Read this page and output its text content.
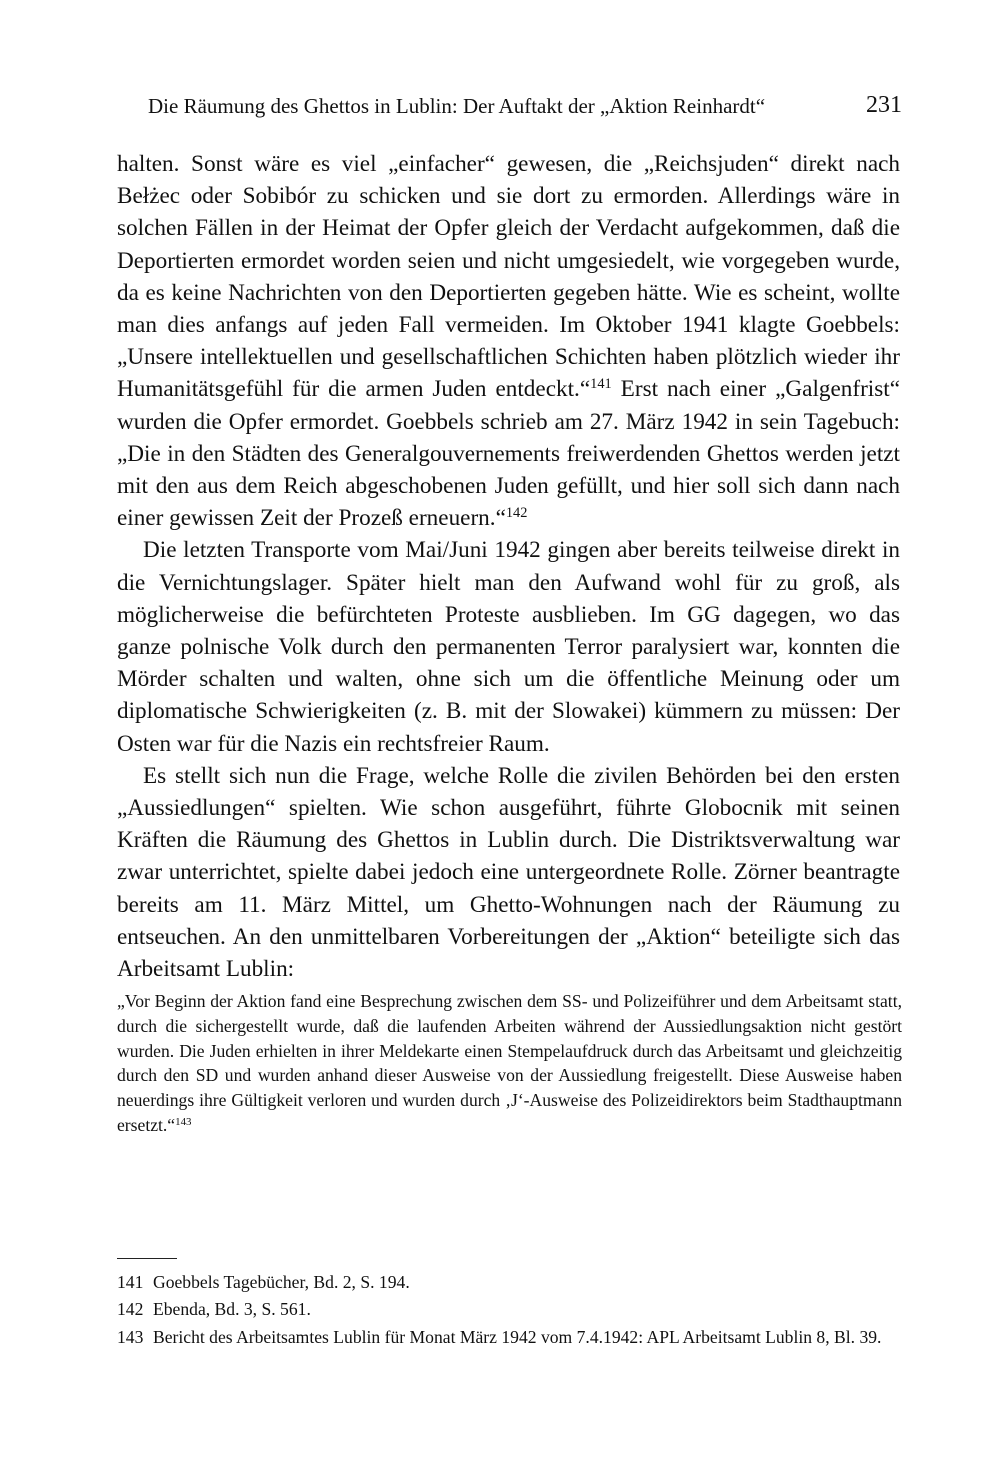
Die Räumung des Ghettos in Lublin: Der Auftakt der „Aktion Reinhardt“	231

halten. Sonst wäre es viel „einfacher“ gewesen, die „Reichsjuden“ direkt nach Bełżec oder Sobibór zu schicken und sie dort zu ermorden. Allerdings wäre in solchen Fällen in der Heimat der Opfer gleich der Verdacht aufgekommen, daß die Deportierten ermordet worden seien und nicht umgesiedelt, wie vorgegeben wurde, da es keine Nachrichten von den Deportierten gegeben hätte. Wie es scheint, wollte man dies anfangs auf jeden Fall vermeiden. Im Oktober 1941 klagte Goebbels: „Unsere intellektuellen und gesellschaftlichen Schichten haben plötzlich wieder ihr Humanitätsgefühl für die armen Juden entdeckt.“$^{141}$ Erst nach einer „Galgenfrist“ wurden die Opfer ermordet. Goebbels schrieb am 27. März 1942 in sein Tagebuch: „Die in den Städten des Generalgouvernements freiwerdenden Ghettos werden jetzt mit den aus dem Reich abgeschobenen Juden gefüllt, und hier soll sich dann nach einer gewissen Zeit der Prozeß erneuern.“$^{142}$

Die letzten Transporte vom Mai/Juni 1942 gingen aber bereits teilweise direkt in die Vernichtungslager. Später hielt man den Aufwand wohl für zu groß, als möglicherweise die befürchteten Proteste ausblieben. Im GG dagegen, wo das ganze polnische Volk durch den permanenten Terror paralysiert war, konnten die Mörder schalten und walten, ohne sich um die öffentliche Meinung oder um diplomatische Schwierigkeiten (z. B. mit der Slowakei) kümmern zu müssen: Der Osten war für die Nazis ein rechtsfreier Raum.

Es stellt sich nun die Frage, welche Rolle die zivilen Behörden bei den ersten „Aussiedlungen“ spielten. Wie schon ausgeführt, führte Globocnik mit seinen Kräften die Räumung des Ghettos in Lublin durch. Die Distriktsverwaltung war zwar unterrichtet, spielte dabei jedoch eine untergeordnete Rolle. Zörner beantragte bereits am 11. März Mittel, um Ghetto-Wohnungen nach der Räumung zu entseuchen. An den unmittelbaren Vorbereitungen der „Aktion“ beteiligte sich das Arbeitsamt Lublin:

„Vor Beginn der Aktion fand eine Besprechung zwischen dem SS- und Polizeiführer und dem Arbeitsamt statt, durch die sichergestellt wurde, daß die laufenden Arbeiten während der Aussiedlungsaktion nicht gestört wurden. Die Juden erhielten in ihrer Meldekarte einen Stempelaufdruck durch das Arbeitsamt und gleichzeitig durch den SD und wurden anhand dieser Ausweise von der Aussiedlung freigestellt. Diese Ausweise haben neuerdings ihre Gültigkeit verloren und wurden durch ‚J‘-Ausweise des Polizeidirektors beim Stadthauptmann ersetzt.“$^{143}$

141 Goebbels Tagebücher, Bd. 2, S. 194.
142 Ebenda, Bd. 3, S. 561.
143 Bericht des Arbeitsamtes Lublin für Monat März 1942 vom 7.4.1942: APL Arbeitsamt Lublin 8, Bl. 39.
